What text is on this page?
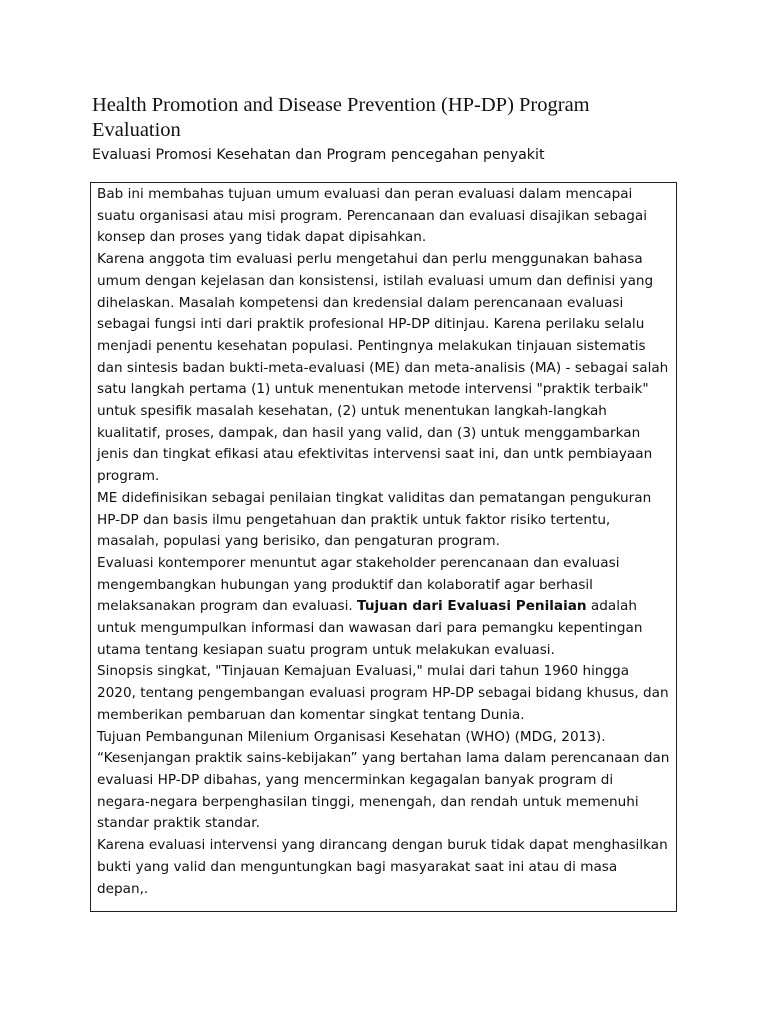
Health Promotion and Disease Prevention (HP-DP) Program Evaluation

Evaluasi Promosi Kesehatan dan Program pencegahan penyakit

Bab ini membahas tujuan umum evaluasi dan peran evaluasi dalam mencapai suatu organisasi atau misi program. Perencanaan dan evaluasi disajikan sebagai konsep dan proses yang tidak dapat dipisahkan.

Karena anggota tim evaluasi perlu mengetahui dan perlu menggunakan bahasa umum dengan kejelasan dan konsistensi, istilah evaluasi umum dan definisi yang dihelaskan. Masalah kompetensi dan kredensial dalam perencanaan evaluasi sebagai fungsi inti dari praktik profesional HP-DP ditinjau. Karena perilaku selalu menjadi penentu kesehatan populasi. Pentingnya melakukan tinjauan sistematis dan sintesis badan bukti-meta-evaluasi (ME) dan meta-analisis (MA) - sebagai salah satu langkah pertama (1) untuk menentukan metode intervensi "praktik terbaik" untuk spesifik masalah kesehatan, (2) untuk menentukan langkah-langkah kualitatif, proses, dampak, dan hasil yang valid, dan (3) untuk menggambarkan jenis dan tingkat efikasi atau efektivitas intervensi saat ini, dan untk pembiayaan program.

ME didefinisikan sebagai penilaian tingkat validitas dan pematangan pengukuran HP-DP dan basis ilmu pengetahuan dan praktik untuk faktor risiko tertentu, masalah, populasi yang berisiko, dan pengaturan program.

Evaluasi kontemporer menuntut agar stakeholder perencanaan dan evaluasi mengembangkan hubungan yang produktif dan kolaboratif agar berhasil melaksanakan program dan evaluasi. Tujuan dari Evaluasi Penilaian adalah untuk mengumpulkan informasi dan wawasan dari para pemangku kepentingan utama tentang kesiapan suatu program untuk melakukan evaluasi.

Sinopsis singkat, "Tinjauan Kemajuan Evaluasi," mulai dari tahun 1960 hingga 2020, tentang pengembangan evaluasi program HP-DP sebagai bidang khusus, dan memberikan pembaruan dan komentar singkat tentang Dunia.

Tujuan Pembangunan Milenium Organisasi Kesehatan (WHO) (MDG, 2013).

“Kesenjangan praktik sains-kebijakan” yang bertahan lama dalam perencanaan dan evaluasi HP-DP dibahas, yang mencerminkan kegagalan banyak program di negara-negara berpenghasilan tinggi, menengah, dan rendah untuk memenuhi standar praktik standar.

Karena evaluasi intervensi yang dirancang dengan buruk tidak dapat menghasilkan bukti yang valid dan menguntungkan bagi masyarakat saat ini atau di masa depan,.
